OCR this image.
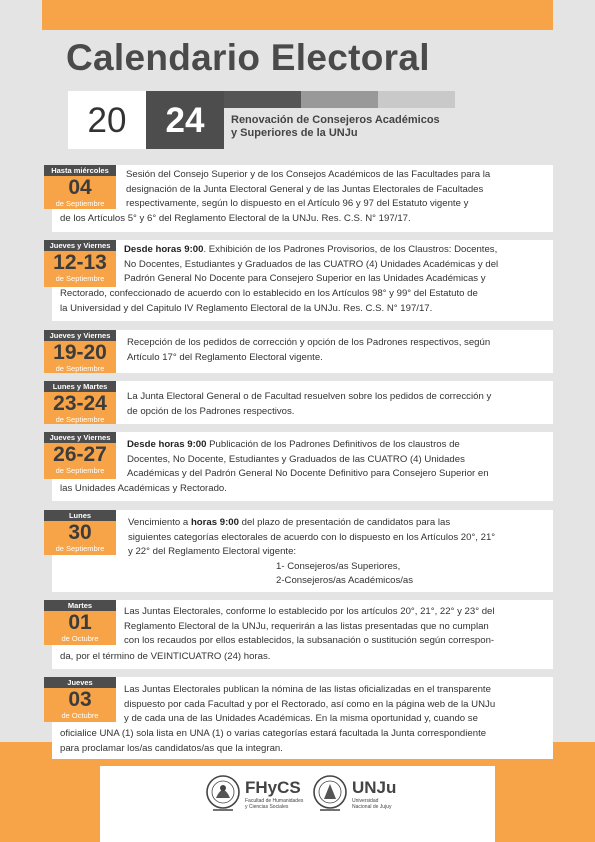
Calendario Electoral
20	24	Renovación de Consejeros Académicos
y Superiores de la UNJu
Hasta miércoles
04
de Septiembre
Sesión del Consejo Superior y de los Consejos Académicos de las Facultades para la
designación de la Junta Electoral General y de las Juntas Electorales de Facultades
respectivamente, según lo dispuesto en el Artículo 96 y 97 del Estatuto vigente y
de los Artículos 5° y 6° del Reglamento Electoral de la UNJu. Res. C.S. N° 197/17.
Jueves y Viernes
12-13
de Septiembre
Desde horas 9:00. Exhibición de los Padrones Provisorios, de los Claustros: Docentes,
No Docentes, Estudiantes y Graduados de las CUATRO (4) Unidades Académicas y del
Padrón General No Docente para Consejero Superior en las Unidades Académicas y
Rectorado, confeccionado de acuerdo con lo establecido en los Artículos 98° y 99° del Estatuto de
la Universidad y del Capitulo IV Reglamento Electoral de la UNJu. Res. C.S. N° 197/17.
Jueves y Viernes
19-20
de Septiembre
Recepción de los pedidos de corrección y opción de los Padrones respectivos, según
Artículo 17° del Reglamento Electoral vigente.
Lunes y Martes
23-24
de Septiembre
La Junta Electoral General o de Facultad resuelven sobre los pedidos de corrección y
de opción de los Padrones respectivos.
Jueves y Viernes
26-27
de Septiembre
Desde horas 9:00 Publicación de los Padrones Definitivos de los claustros de
Docentes, No Docente, Estudiantes y Graduados de las CUATRO (4) Unidades
Académicas y del Padrón General No Docente Definitivo para Consejero Superior en
las Unidades Académicas y Rectorado.
Lunes
30
de Septiembre
Vencimiento a horas 9:00 del plazo de presentación de candidatos para las
siguientes categorías electorales de acuerdo con lo dispuesto en los Artículos 20°, 21°
y 22° del Reglamento Electoral vigente:
1- Consejeros/as Superiores,
2-Consejeros/as Académicos/as
Martes
01
de Octubre
Las Juntas Electorales, conforme lo establecido por los artículos 20°, 21°, 22° y 23° del
Reglamento Electoral de la UNJu, requerirán a las listas presentadas que no cumplan
con los recaudos por ellos establecidos, la subsanación o sustitución según correspon-
da, por el término de VEINTICUATRO (24) horas.
Jueves
03
de Octubre
Las Juntas Electorales publican la nómina de las listas oficializadas en el transparente
dispuesto por cada Facultad y por el Rectorado, así como en la página web de la UNJu
y de cada una de las Unidades Académicas. En la misma oportunidad y, cuando se
oficialice UNA (1) sola lista en UNA (1) o varias categorías estará facultada la Junta correspondiente
para proclamar los/as candidatos/as que la integran.
FHyCS
Facultad de Humanidades
y Ciencias Sociales
UNJu
Universidad
Nacional de Jujuy
